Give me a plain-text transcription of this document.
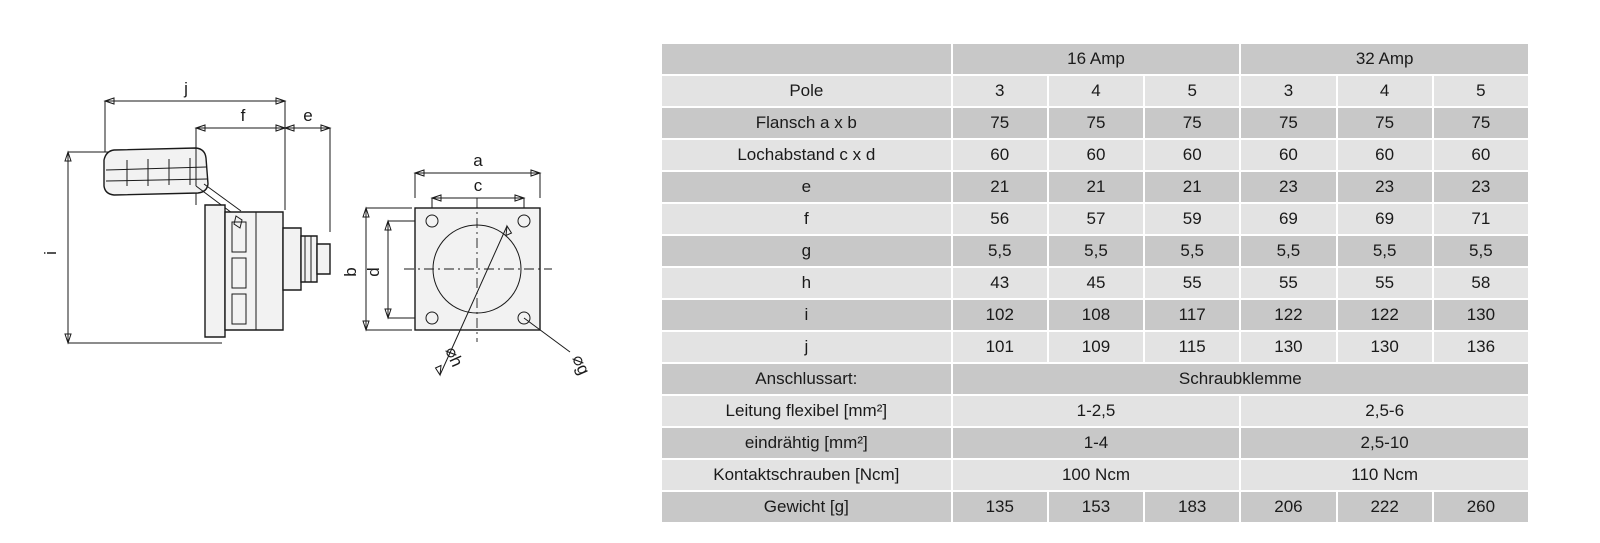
j
f	e
i
a
c
b d
⌀h	⌀g
	16 Amp			32 Amp		
Pole	3	4	5	3	4	5
Flansch a x b	75	75	75	75	75	75
Lochabstand c x d	60	60	60	60	60	60
e	21	21	21	23	23	23
f	56	57	59	69	69	71
g	5,5	5,5	5,5	5,5	5,5	5,5
h	43	45	55	55	55	58
i	102	108	117	122	122	130
j	101	109	115	130	130	136
Anschlussart:	Schraubklemme					
Leitung flexibel [mm²]	1-2,5			2,5-6		
eindrähtig [mm²]	1-4			2,5-10		
Kontaktschrauben [Ncm]	100 Ncm			110 Ncm		
Gewicht [g]	135	153	183	206	222	260
